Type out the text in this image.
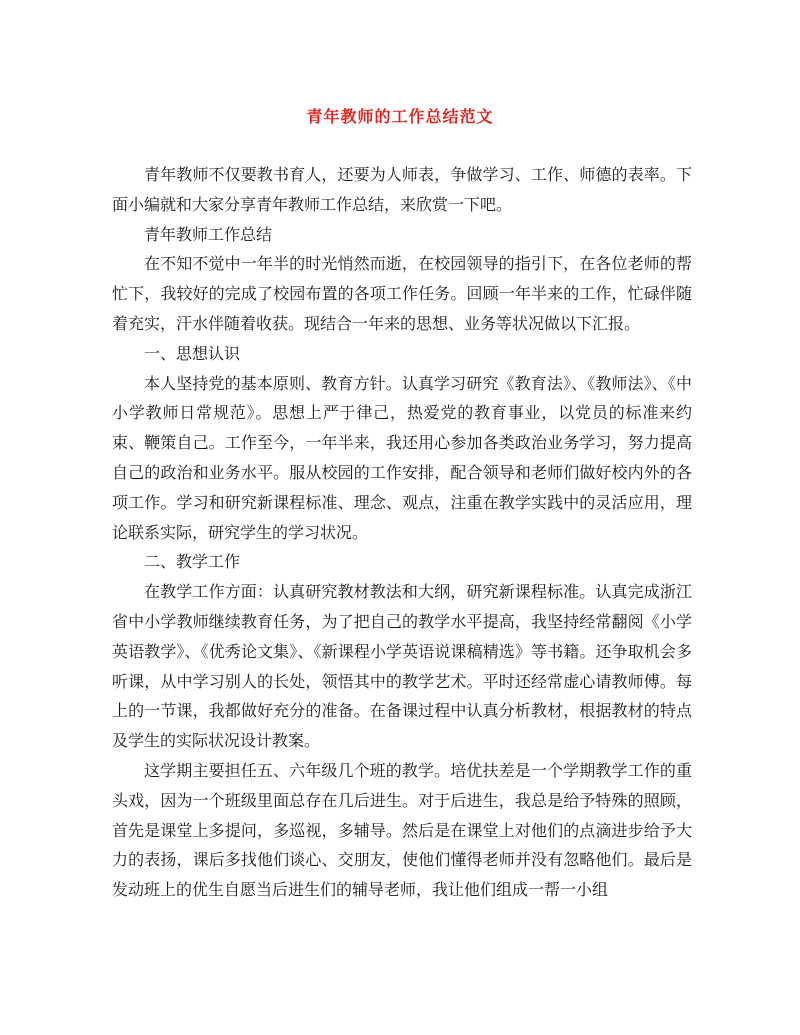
青年教师的工作总结范文

青年教师不仅要教书育人，还要为人师表，争做学习、工作、师德的表率。下面小编就和大家分享青年教师工作总结，来欣赏一下吧。

青年教师工作总结

在不知不觉中一年半的时光悄然而逝，在校园领导的指引下，在各位老师的帮忙下，我较好的完成了校园布置的各项工作任务。回顾一年半来的工作，忙碌伴随着充实，汗水伴随着收获。现结合一年来的思想、业务等状况做以下汇报。

一、思想认识

本人坚持党的基本原则、教育方针。认真学习研究《教育法》、《教师法》、《中小学教师日常规范》。思想上严于律己，热爱党的教育事业，以党员的标准来约束、鞭策自己。工作至今，一年半来，我还用心参加各类政治业务学习，努力提高自己的政治和业务水平。服从校园的工作安排，配合领导和老师们做好校内外的各项工作。学习和研究新课程标准、理念、观点，注重在教学实践中的灵活应用，理论联系实际，研究学生的学习状况。

二、教学工作

在教学工作方面：认真研究教材教法和大纲，研究新课程标准。认真完成浙江省中小学教师继续教育任务，为了把自己的教学水平提高，我坚持经常翻阅《小学英语教学》、《优秀论文集》、《新课程小学英语说课稿精选》等书籍。还争取机会多听课，从中学习别人的长处，领悟其中的教学艺术。平时还经常虚心请教师傅。每上的一节课，我都做好充分的准备。在备课过程中认真分析教材，根据教材的特点及学生的实际状况设计教案。

这学期主要担任五、六年级几个班的教学。培优扶差是一个学期教学工作的重头戏，因为一个班级里面总存在几后进生。对于后进生，我总是给予特殊的照顾，首先是课堂上多提问，多巡视，多辅导。然后是在课堂上对他们的点滴进步给予大力的表扬，课后多找他们谈心、交朋友，使他们懂得老师并没有忽略他们。最后是发动班上的优生自愿当后进生们的辅导老师，我让他们组成一帮一小组
